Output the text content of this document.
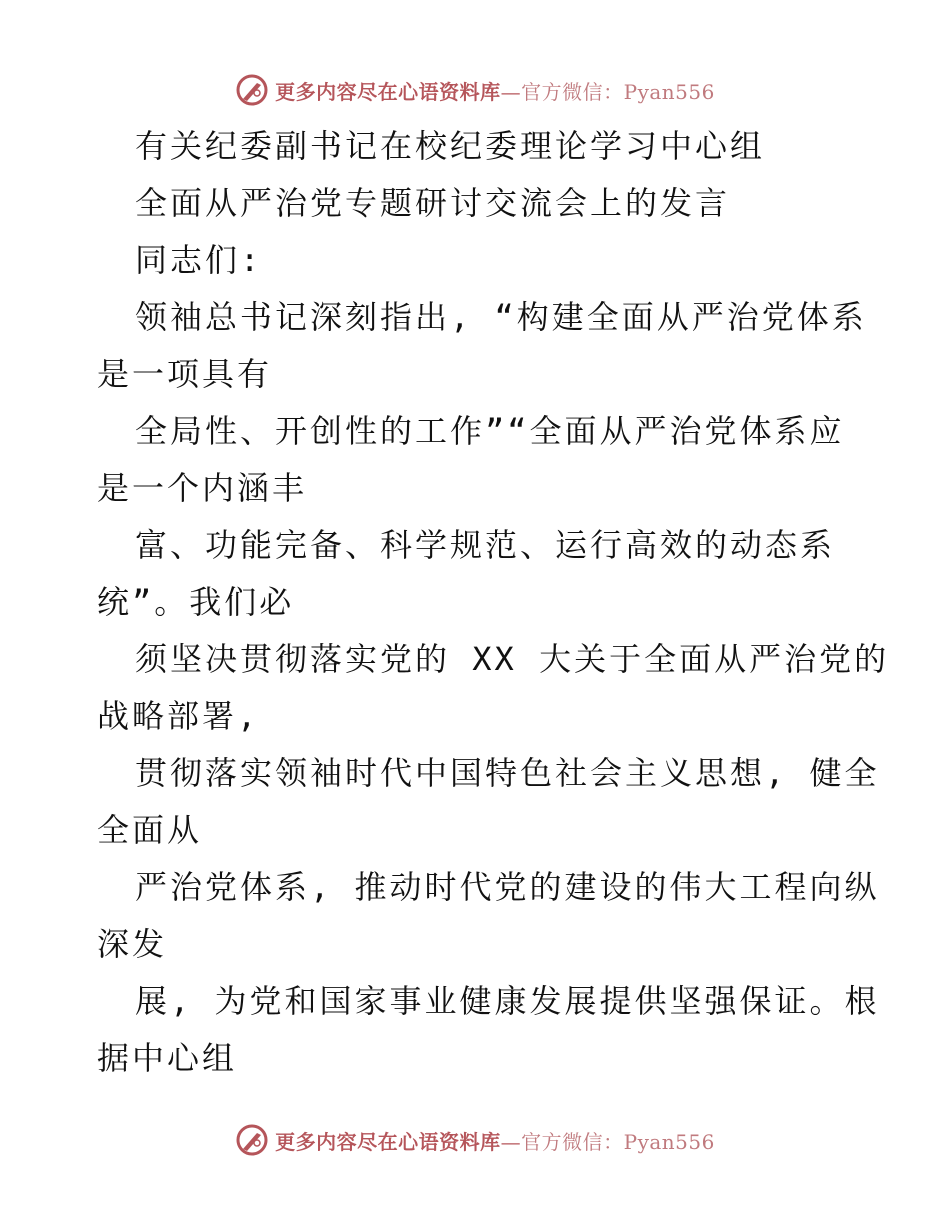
更多内容尽在心语资料库—官方微信：Pyan556
有关纪委副书记在校纪委理论学习中心组
全面从严治党专题研讨交流会上的发言
同志们:
领袖总书记深刻指出, “构建全面从严治党体系
是一项具有
全局性、开创性的工作”“全面从严治党体系应
是一个内涵丰
富、功能完备、科学规范、运行高效的动态系
统”。我们必
须坚决贯彻落实党的 XX 大关于全面从严治党的
战略部署,
贯彻落实领袖时代中国特色社会主义思想, 健全
全面从
严治党体系, 推动时代党的建设的伟大工程向纵
深发
展, 为党和国家事业健康发展提供坚强保证。根
据中心组
更多内容尽在心语资料库—官方微信：Pyan556
